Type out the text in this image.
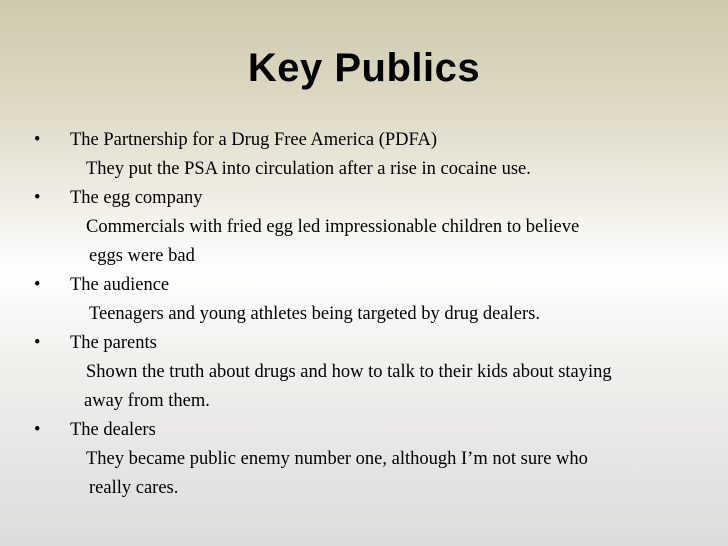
Key Publics
• The Partnership for a Drug Free America (PDFA)
They put the PSA into circulation after a rise in cocaine use.
• The egg company
Commercials with fried egg led impressionable children to believe
eggs were bad
• The audience
Teenagers and young athletes being targeted by drug dealers.
• The parents
Shown the truth about drugs and how to talk to their kids about staying
away from them.
• The dealers
They became public enemy number one, although I’m not sure who
really cares.
